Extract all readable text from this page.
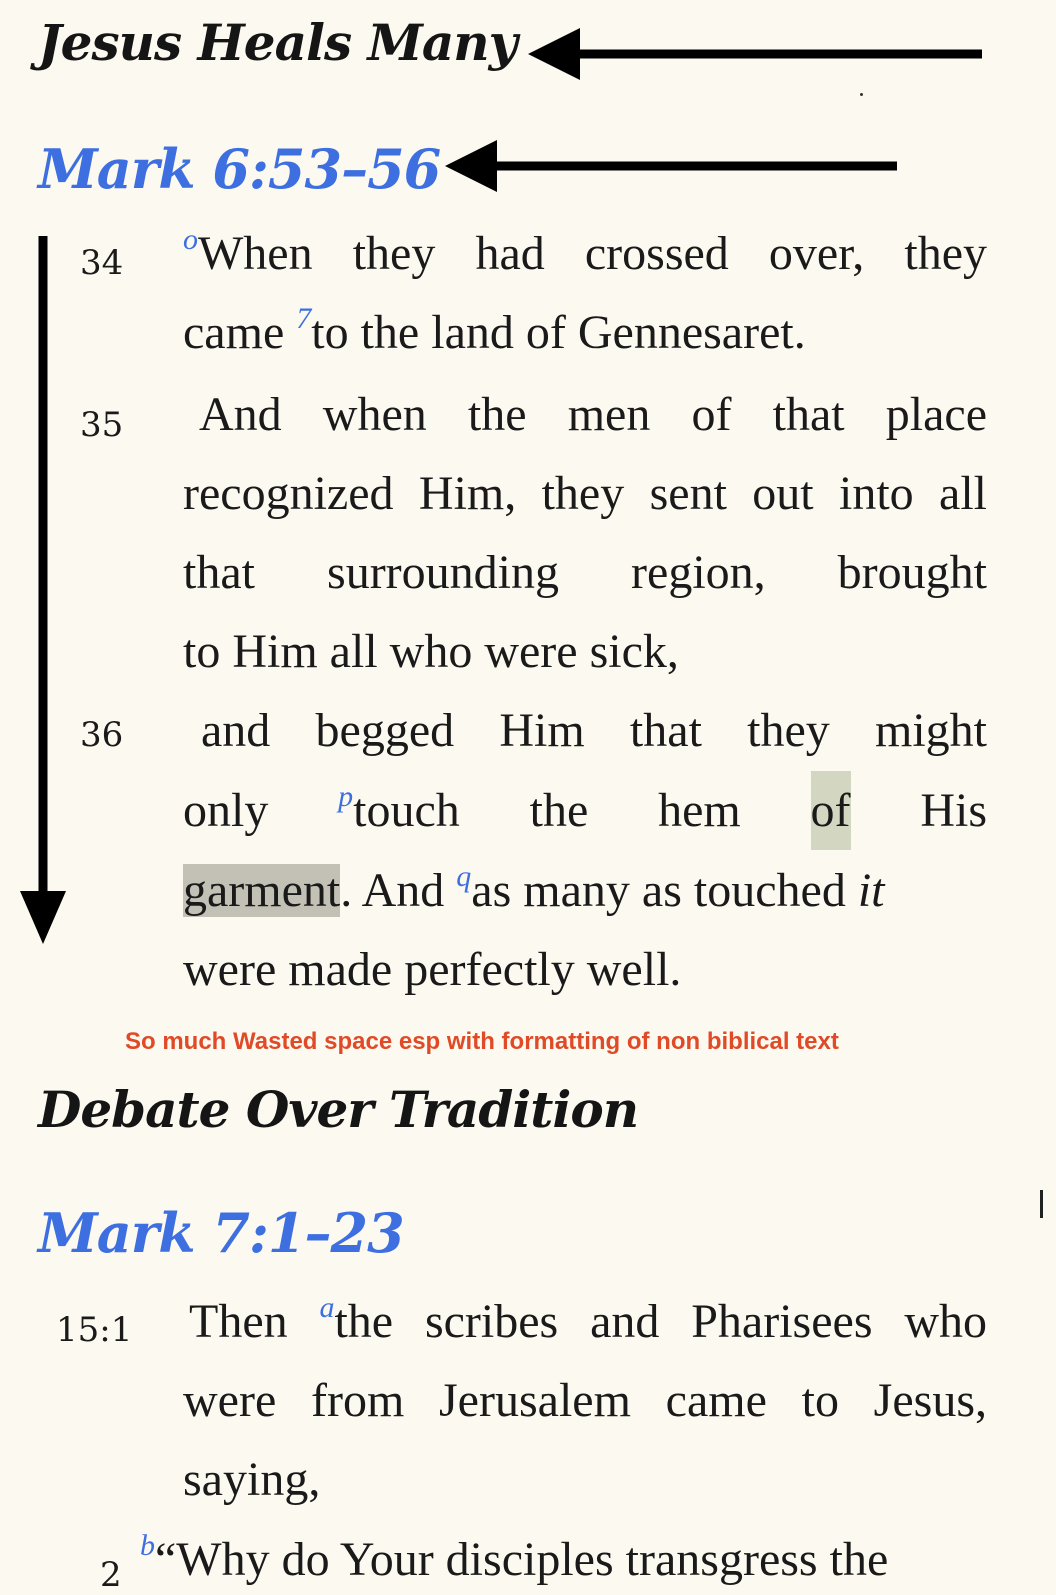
Jesus Heals Many
Mark 6:53–56
34
$^o$When they had crossed over, they
came $^7$to the land of Gennesaret.
35	And when the men of that place recognized Him, they sent out into all that surrounding region, brought
to Him all who were sick,
36	and begged Him that they might
only $^p$touch the hem of His
garment. And $^q$as many as touched it
were made perfectly well.
So much Wasted space esp with formatting of non biblical text
Debate Over Tradition
Mark 7:1–23
15:1 Then $^a$the scribes and Pharisees who were from Jerusalem came to Jesus,
saying,
2
$^b$“Why do Your disciples transgress the
